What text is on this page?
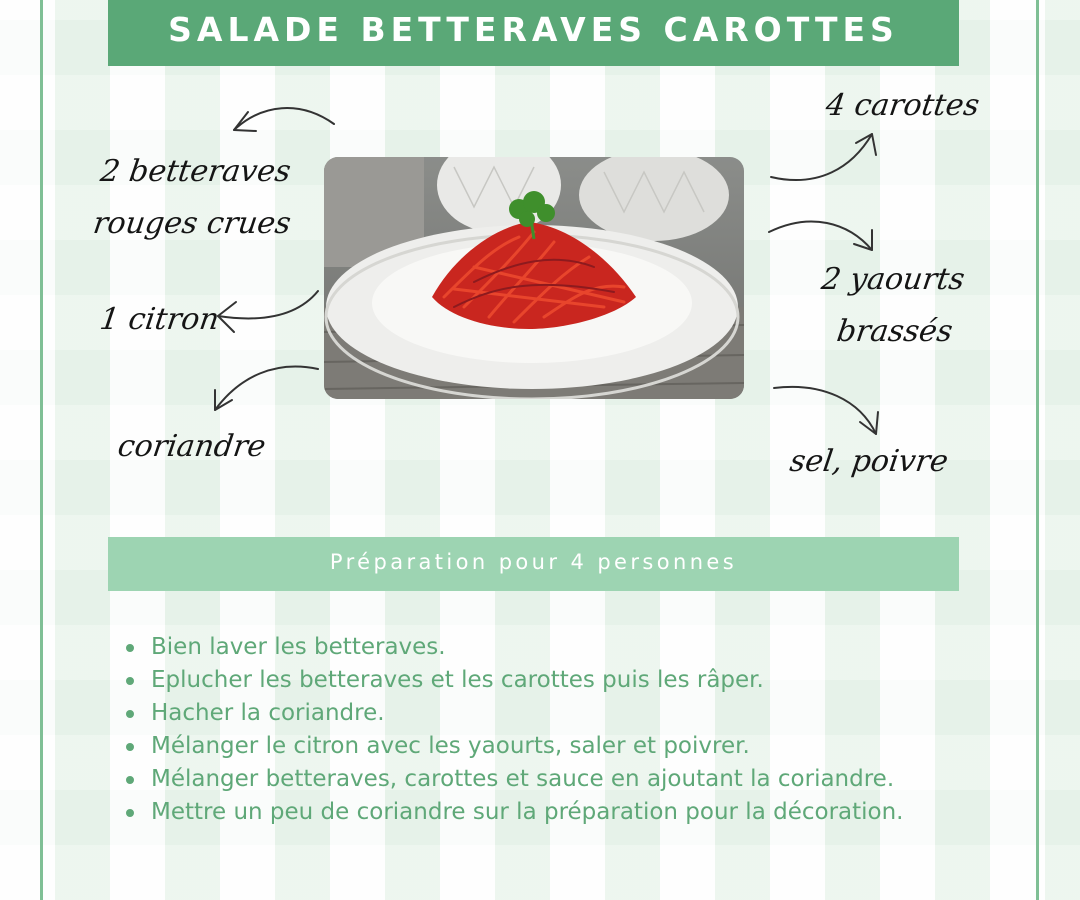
SALADE BETTERAVES CAROTTES
2 betteraves
rouges crues
1 citron
coriandre
4 carottes
2 yaourts
brassés
sel, poivre
Préparation pour 4 personnes
Bien laver les betteraves.
Eplucher les betteraves et les carottes puis les râper.
Hacher la coriandre.
Mélanger le citron avec les yaourts, saler et poivrer.
Mélanger betteraves, carottes et sauce en ajoutant la coriandre.
Mettre un peu de coriandre sur la préparation pour la décoration.
